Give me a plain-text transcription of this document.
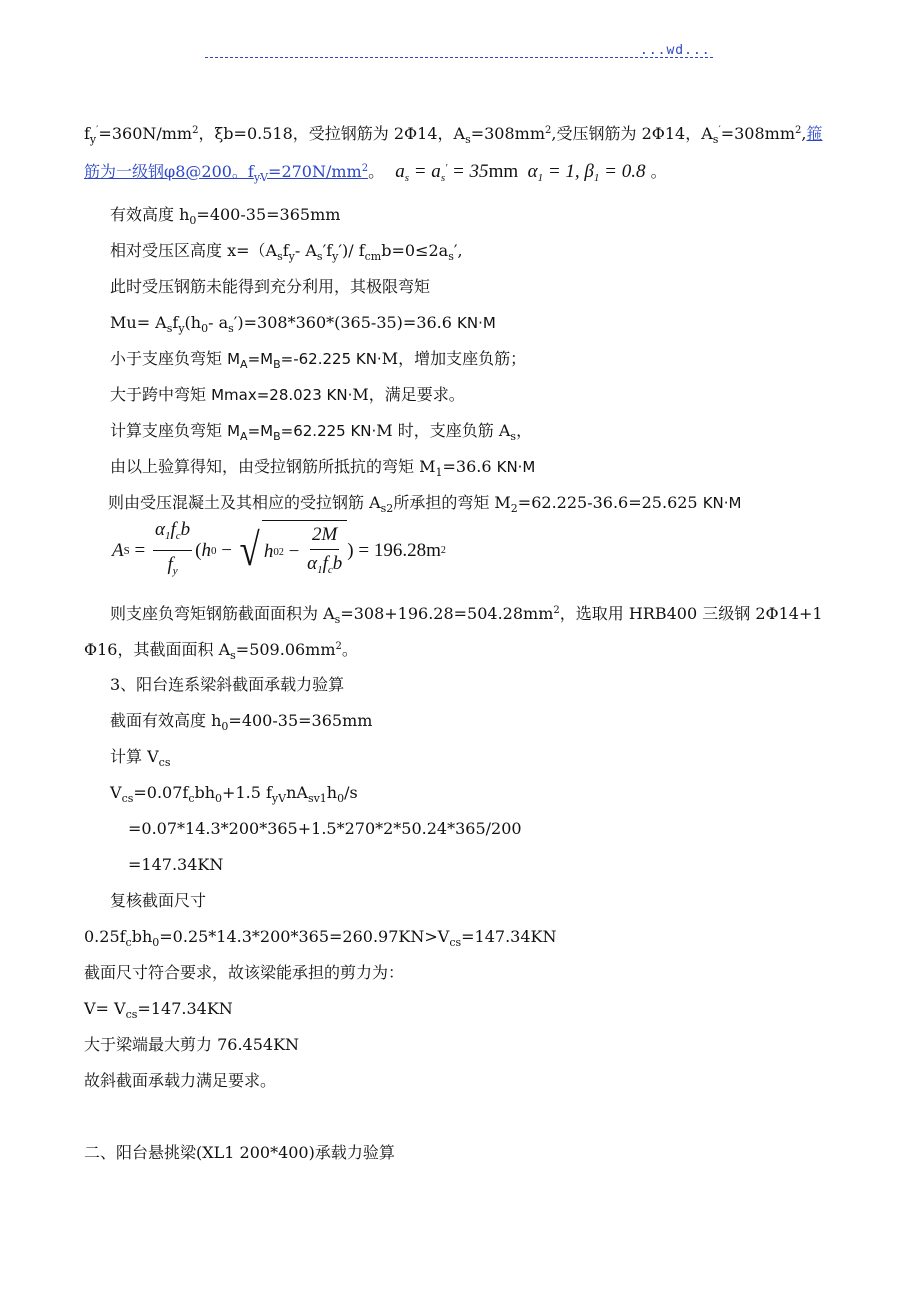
...wd...
$f_y'=360N/mm^2$，ξb=0.518，受拉钢筋为 2Φ14，$A_s=308mm^2$,受压钢筋为 2Φ14，$A_s'=308mm^2$,箍
筋为一级钢φ8@200。$f_{yV}=270N/mm^2$。 $a_s = a_s' = 35mm$  $\alpha_1 = 1$, $\beta_1 = 0.8$ 。
有效高度 $h_0=400-35=365mm$
相对受压区高度 $x=(A_sf_y-$ $A_s'f_y')/$ $f_{cm}b=0\le 2a_s'$,
此时受压钢筋未能得到充分利用，其极限弯矩
$Mu= A_sf_y(h_0-$ $a_s')=308*360*(365-35)=36.6$ KN·M
小于支座负弯矩 $M_A=M_B=-62.225$ KN·M，增加支座负筋；
大于跨中弯矩 Mmax=28.023 KN·M，满足要求。
计算支座负弯矩 $M_A=M_B=62.225$ KN·M 时，支座负筋 $A_s$，
由以上验算得知，由受拉钢筋所抵抗的弯矩 $M_1=36.6$ KN·M
则由受压混凝土及其相应的受拉钢筋 $A_{s2}$所承担的弯矩 $M_2=62.225-36.6=25.625$ KN·M
A $S = \frac{\alpha_1f_cb}{f_y}$ ( h 0 − √ h 0 $2 - \frac{2M}{\alpha_1f_cb}$ ) = 196.28m 2
则支座负弯矩钢筋截面面积为 $A_s=308+196.28=504.28mm^2$，选取用 HRB400 三级钢 2Φ14+1
Φ16，其截面面积 $A_s=509.06mm^2$。
3、阳台连系梁斜截面承载力验算
截面有效高度 $h_0=400-35=365mm$
计算 $V_{cs}$
$V_{cs}=0.07f_cbh_0+1.5$ $f_{yV}nA_{sv1}h_0/s$
=0.07*14.3*200*365+1.5*270*2*50.24*365/200
=147.34KN
复核截面尺寸
$0.25f_cbh_0=0.25*14.3*200*365=260.97KN>V_{cs}=147.34KN$
截面尺寸符合要求，故该梁能承担的剪力为：
$V= V_{cs}=147.34KN$
大于梁端最大剪力 76.454KN
故斜截面承载力满足要求。
二、阳台悬挑梁(XL1 200*400)承载力验算
